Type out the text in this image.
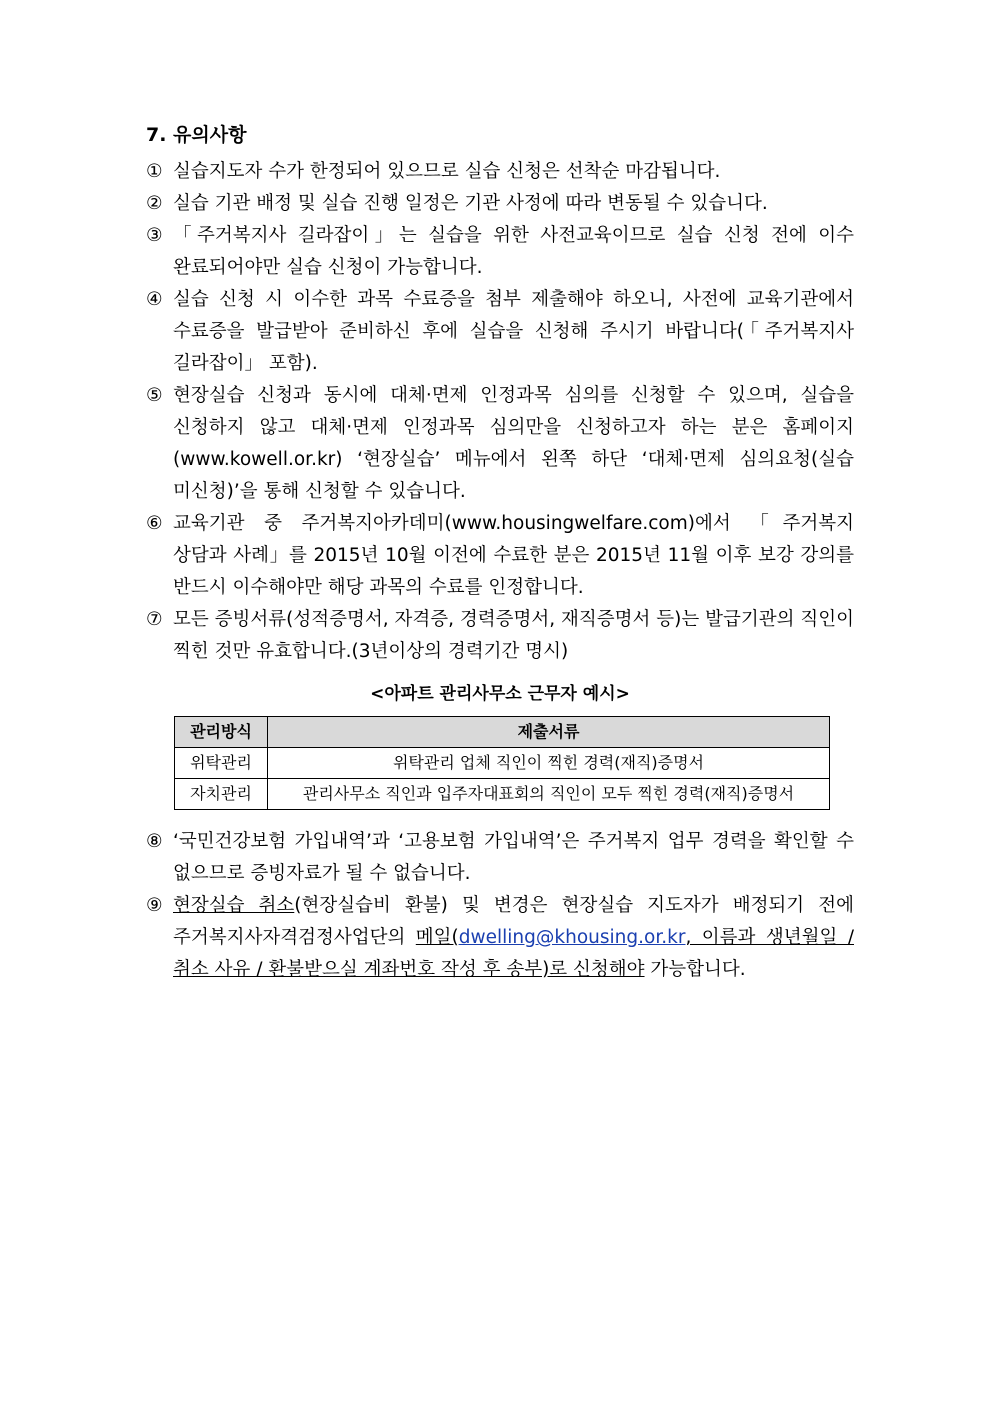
7. 유의사항
① 실습지도자 수가 한정되어 있으므로 실습 신청은 선착순 마감됩니다.
② 실습 기관 배정 및 실습 진행 일정은 기관 사정에 따라 변동될 수 있습니다.
③ 「주거복지사 길라잡이」는 실습을 위한 사전교육이므로 실습 신청 전에 이수 완료되어야만 실습 신청이 가능합니다.
④ 실습 신청 시 이수한 과목 수료증을 첨부 제출해야 하오니, 사전에 교육기관에서 수료증을 발급받아 준비하신 후에 실습을 신청해 주시기 바랍니다(「주거복지사 길라잡이」 포함).
⑤ 현장실습 신청과 동시에 대체·면제 인정과목 심의를 신청할 수 있으며, 실습을 신청하지 않고 대체·면제 인정과목 심의만을 신청하고자 하는 분은 홈페이지(www.kowell.or.kr) ‘현장실습’ 메뉴에서 왼쪽 하단 ‘대체·면제 심의요청(실습 미신청)’을 통해 신청할 수 있습니다.
⑥ 교육기관 중 주거복지아카데미(www.housingwelfare.com)에서 「주거복지 상담과 사례」를 2015년 10월 이전에 수료한 분은 2015년 11월 이후 보강 강의를 반드시 이수해야만 해당 과목의 수료를 인정합니다.
⑦ 모든 증빙서류(성적증명서, 자격증, 경력증명서, 재직증명서 등)는 발급기관의 직인이 찍힌 것만 유효합니다.(3년이상의 경력기간 명시)
<아파트 관리사무소 근무자 예시>
관리방식	제출서류
위탁관리	위탁관리 업체 직인이 찍힌 경력(재직)증명서
자치관리	관리사무소 직인과 입주자대표회의 직인이 모두 찍힌 경력(재직)증명서
⑧ ‘국민건강보험 가입내역’과 ‘고용보험 가입내역’은 주거복지 업무 경력을 확인할 수 없으므로 증빙자료가 될 수 없습니다.
⑨ 현장실습 취소(현장실습비 환불) 및 변경은 현장실습 지도자가 배정되기 전에 주거복지사자격검정사업단의 메일(dwelling@khousing.or.kr, 이름과 생년월일 / 취소 사유 / 환불받으실 계좌번호 작성 후 송부)로 신청해야 가능합니다.
